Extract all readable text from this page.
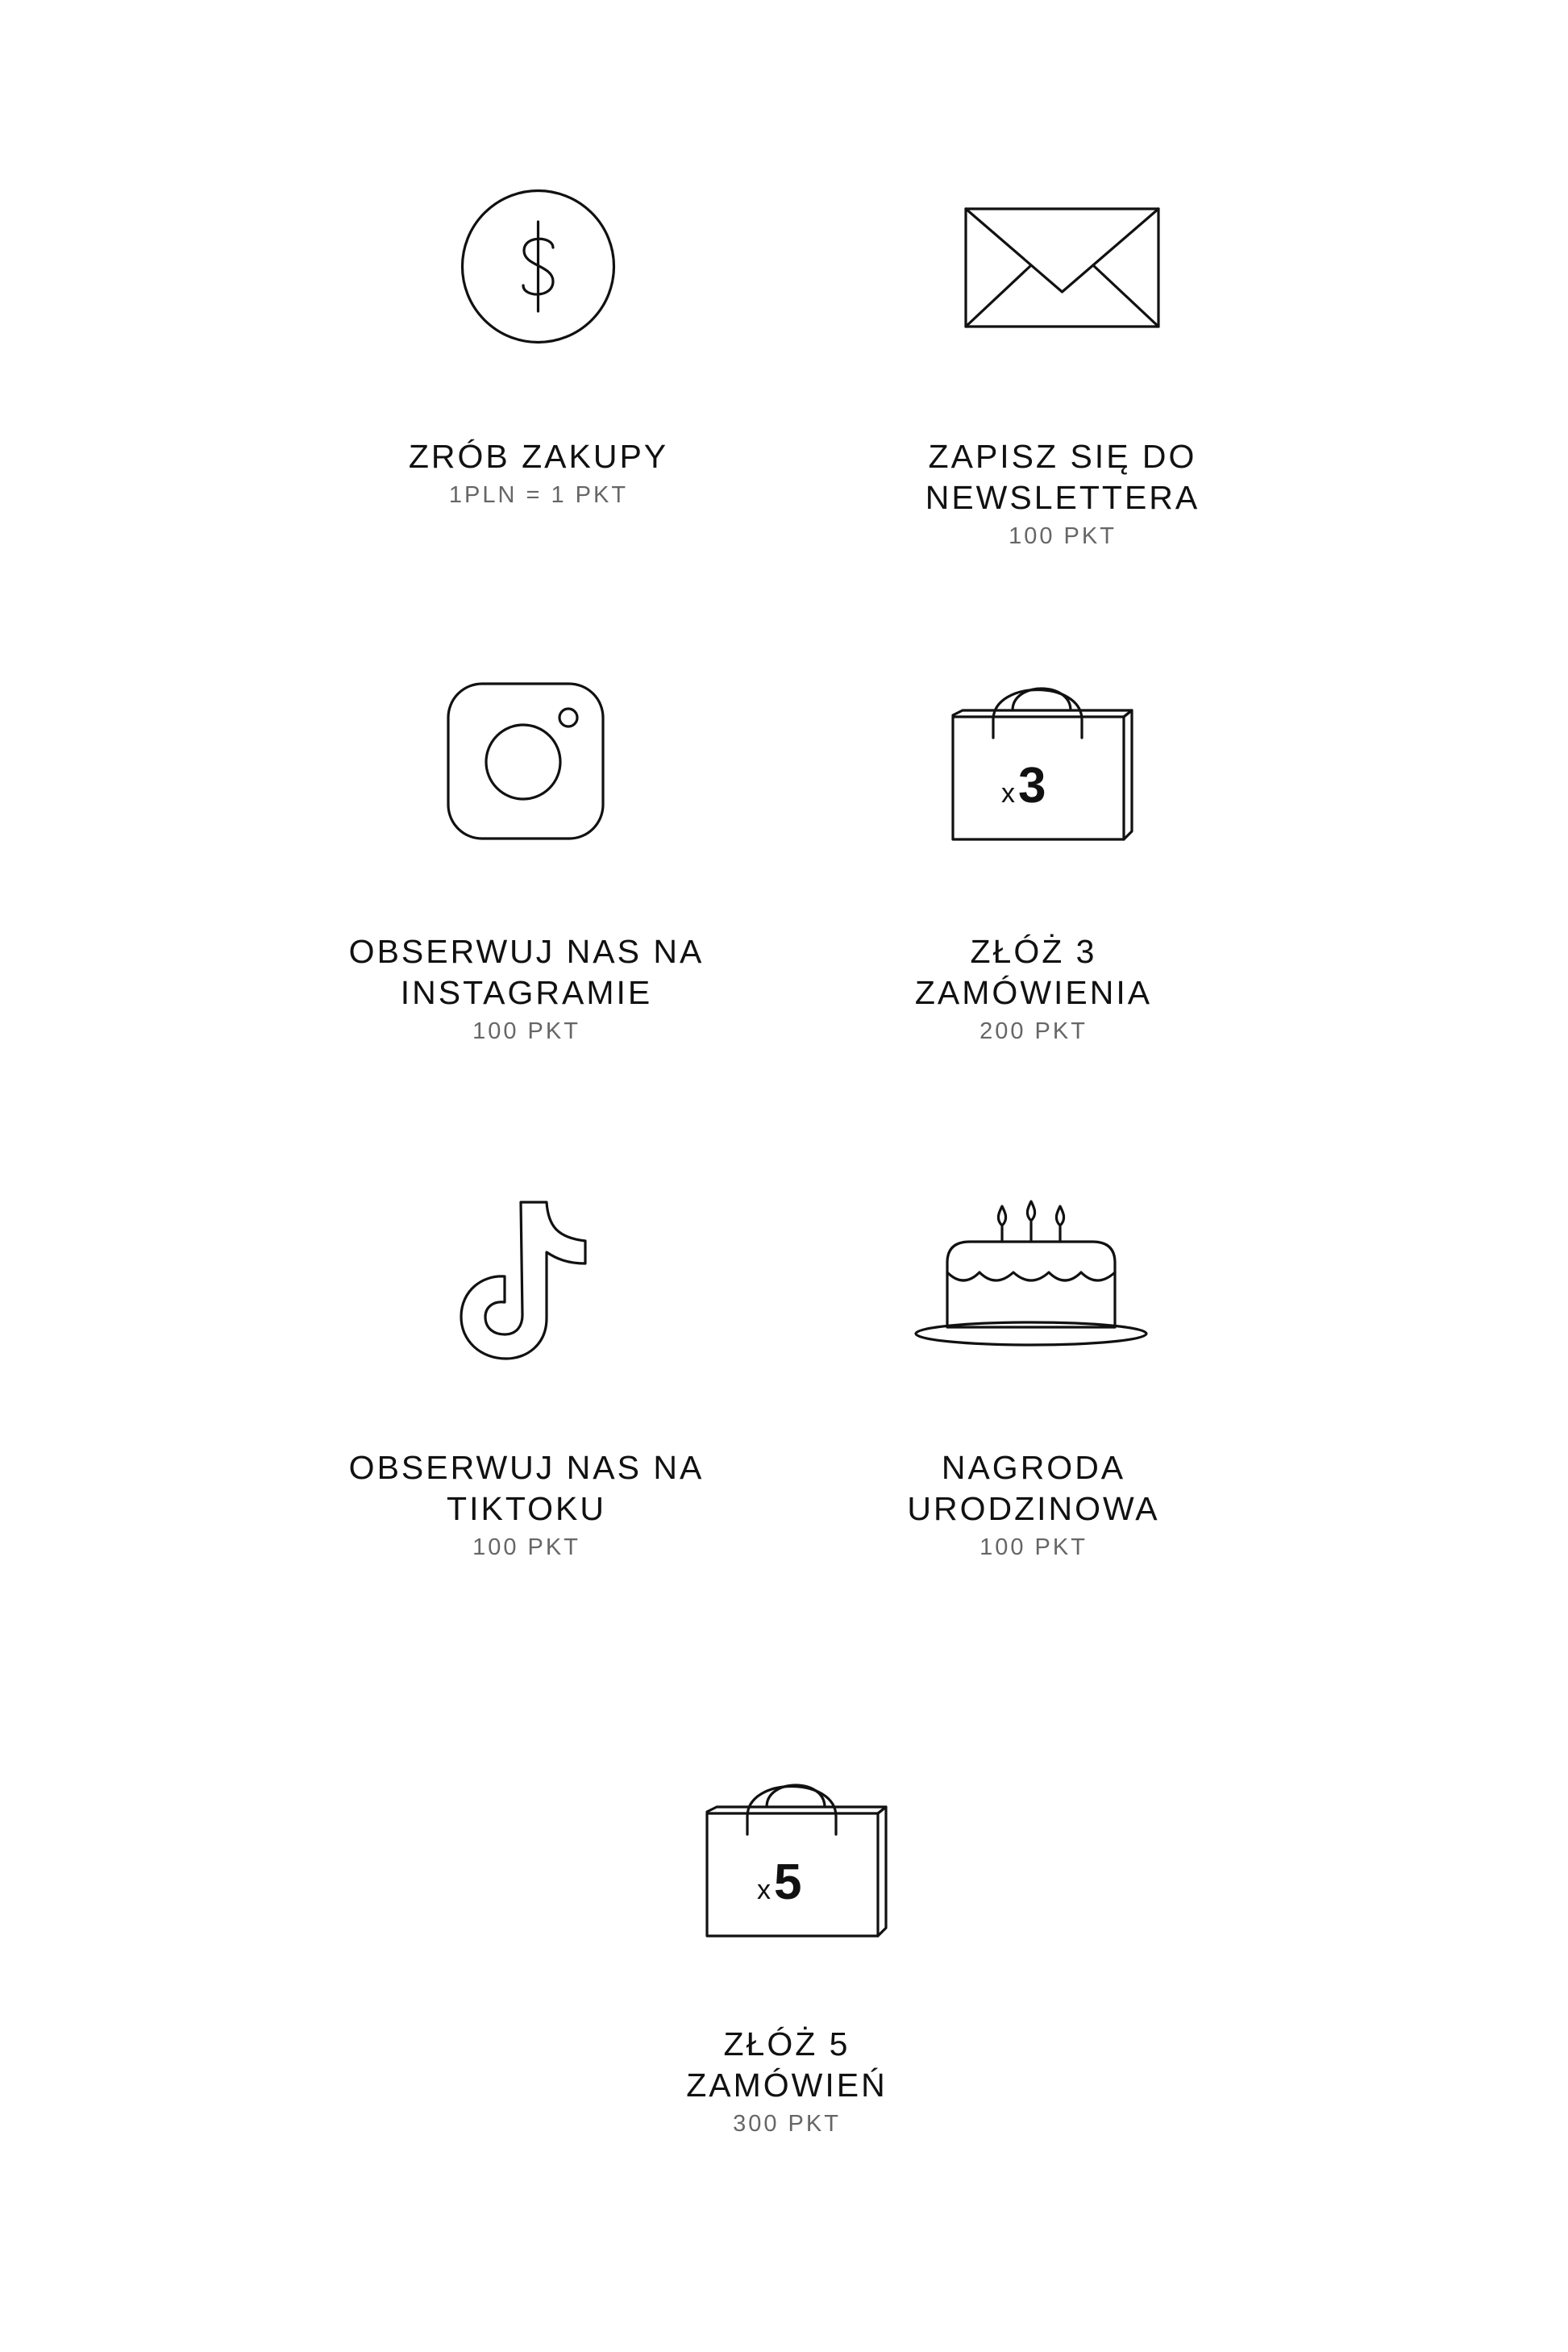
ZRÓB ZAKUPY
1PLN = 1 PKT
ZAPISZ SIĘ DO
NEWSLETTERA
100 PKT
OBSERWUJ NAS NA
INSTAGRAMIE
100 PKT
x 3
ZŁÓŻ 3
ZAMÓWIENIA
200 PKT
OBSERWUJ NAS NA
TIKTOKU
100 PKT
NAGRODA
URODZINOWA
100 PKT
x 5
ZŁÓŻ 5
ZAMÓWIEŃ
300 PKT
